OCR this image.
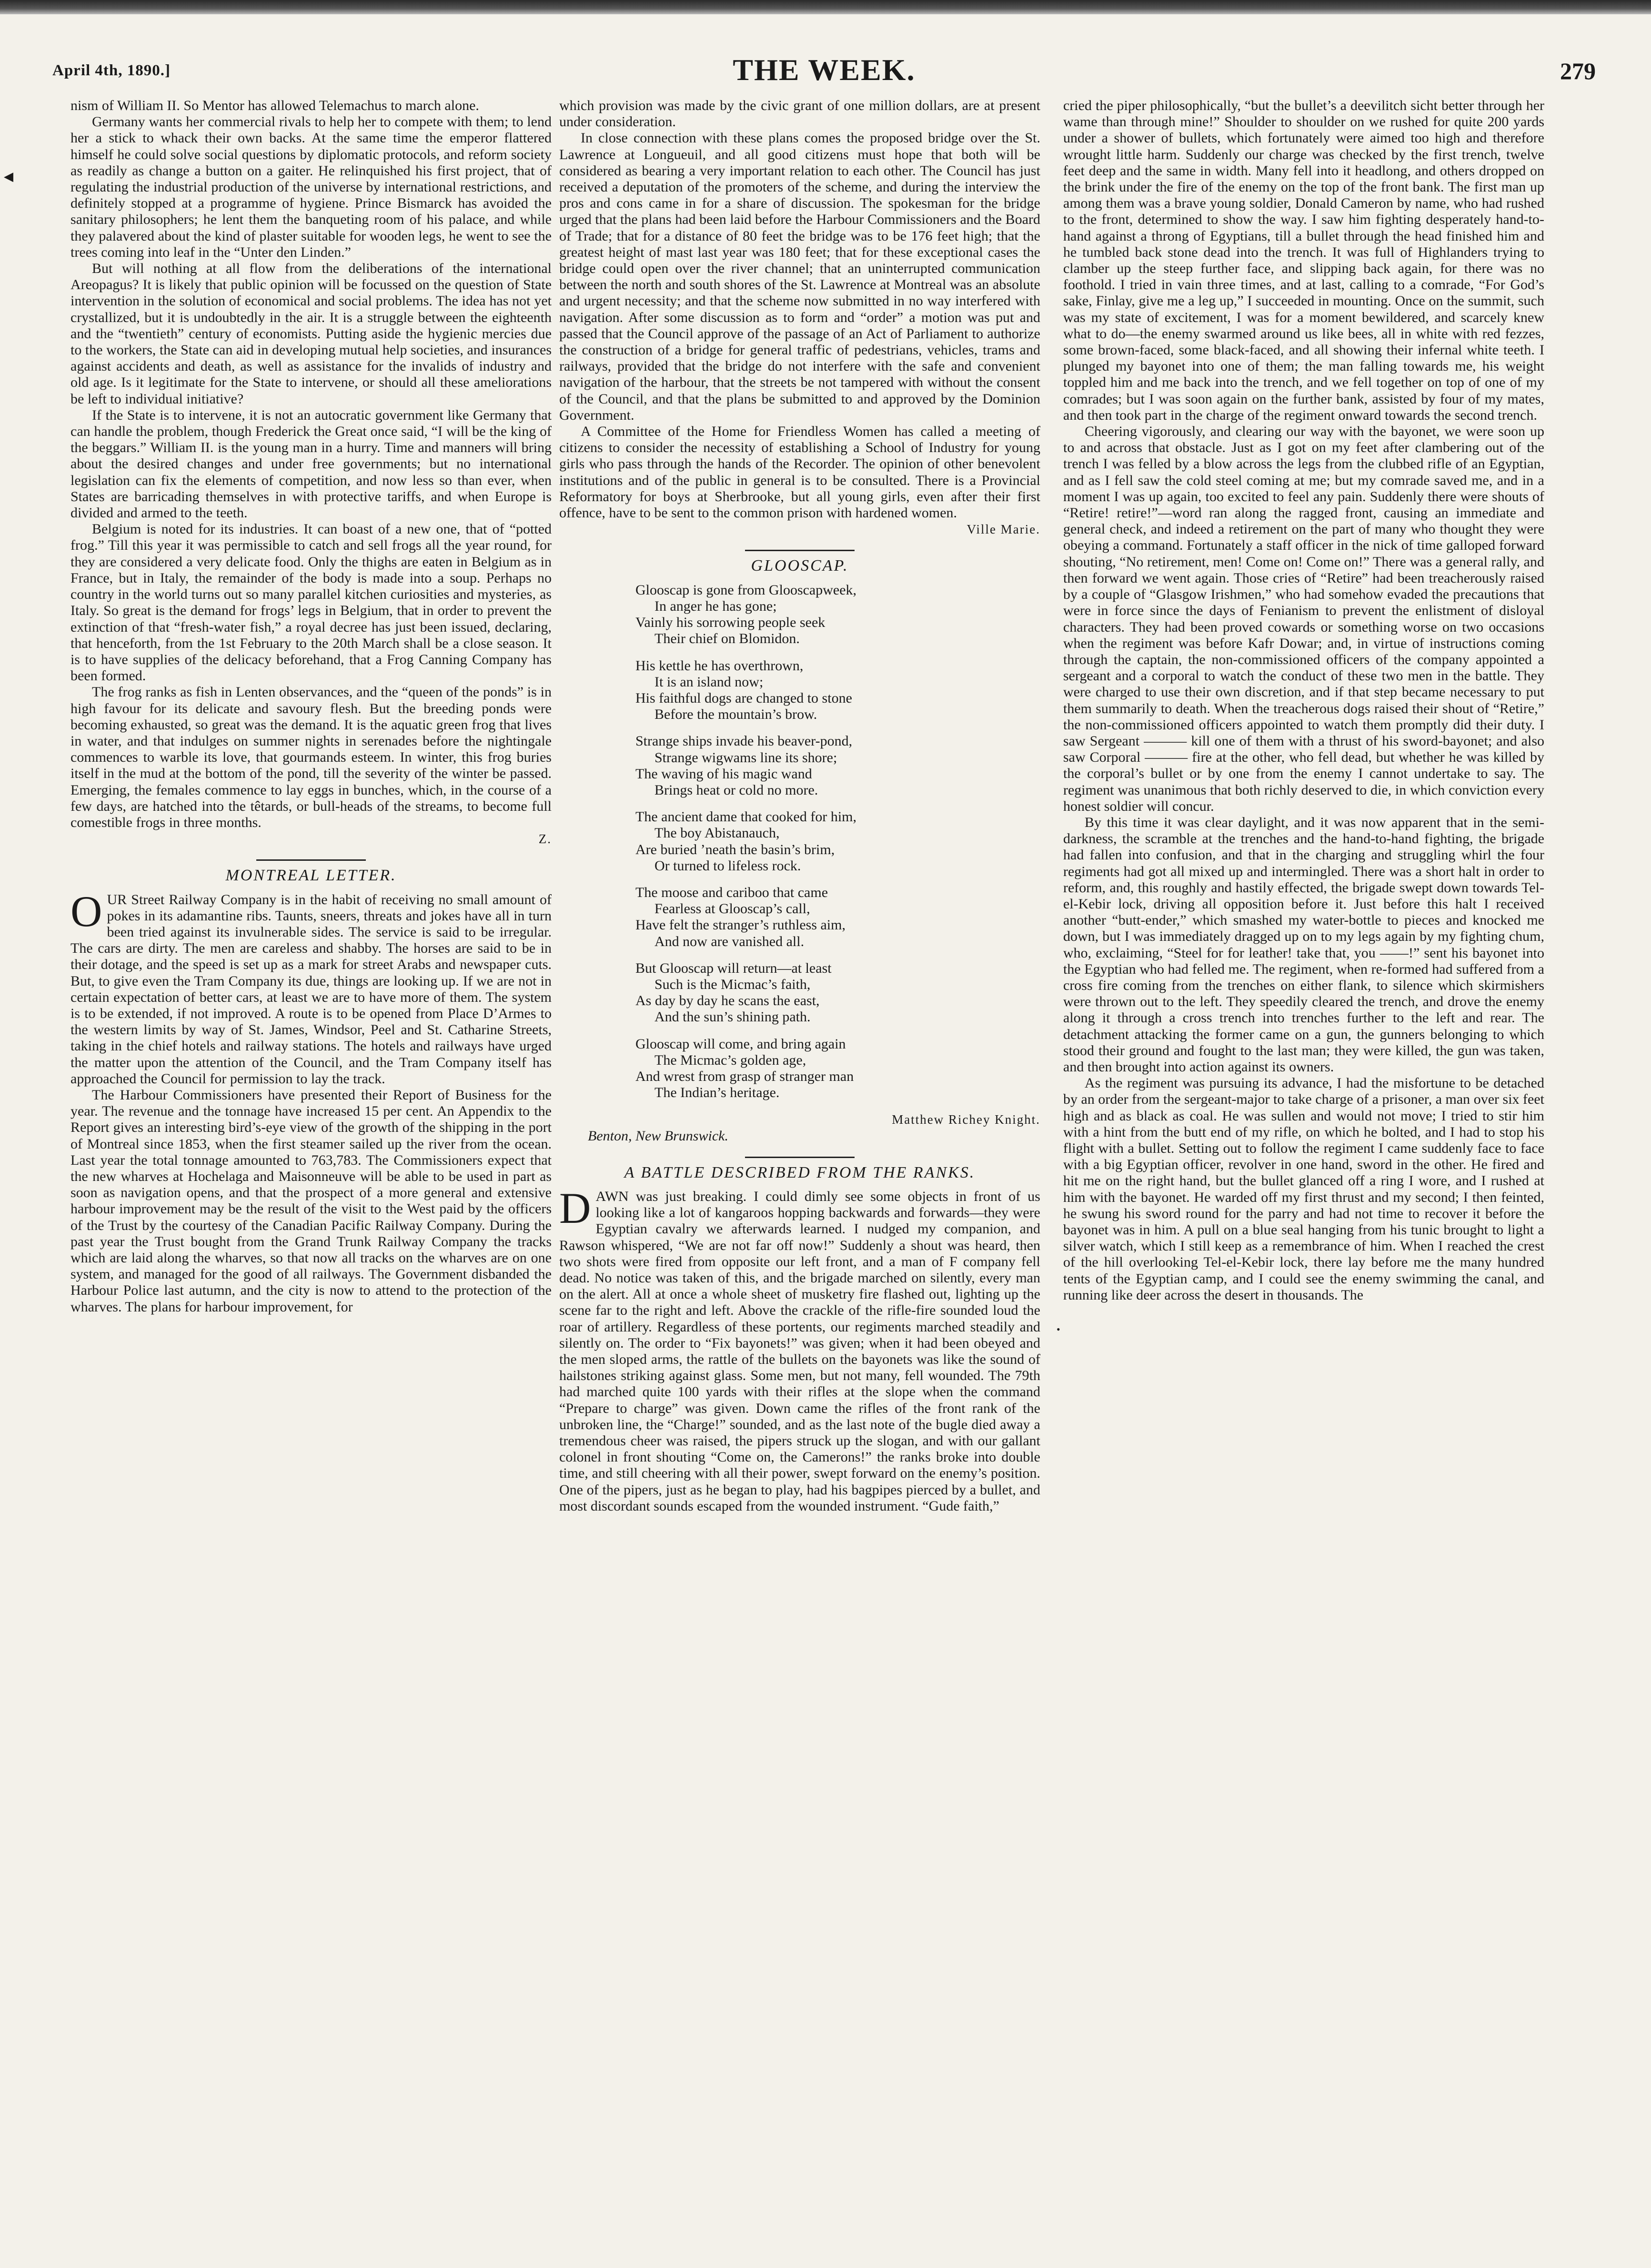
April 4th, 1890.]	THE WEEK.	279
◀

nism of William II. So Mentor has allowed Telemachus to march alone.

Germany wants her commercial rivals to help her to compete with them; to lend her a stick to whack their own backs. At the same time the emperor flattered himself he could solve social questions by diplomatic protocols, and reform society as readily as change a button on a gaiter. He relinquished his first project, that of regulating the industrial production of the universe by international restrictions, and definitely stopped at a programme of hygiene. Prince Bismarck has avoided the sanitary philosophers; he lent them the banqueting room of his palace, and while they palavered about the kind of plaster suitable for wooden legs, he went to see the trees coming into leaf in the “Unter den Linden.”

But will nothing at all flow from the deliberations of the international Areopagus? It is likely that public opinion will be focussed on the question of State intervention in the solution of economical and social problems. The idea has not yet crystallized, but it is undoubtedly in the air. It is a struggle between the eighteenth and the “twentieth” century of economists. Putting aside the hygienic mercies due to the workers, the State can aid in developing mutual help societies, and insurances against accidents and death, as well as assistance for the invalids of industry and old age. Is it legitimate for the State to intervene, or should all these ameliorations be left to individual initiative?

If the State is to intervene, it is not an autocratic government like Germany that can handle the problem, though Frederick the Great once said, “I will be the king of the beggars.” William II. is the young man in a hurry. Time and manners will bring about the desired changes and under free governments; but no international legislation can fix the elements of competition, and now less so than ever, when States are barricading themselves in with protective tariffs, and when Europe is divided and armed to the teeth.

Belgium is noted for its industries. It can boast of a new one, that of “potted frog.” Till this year it was permissible to catch and sell frogs all the year round, for they are considered a very delicate food. Only the thighs are eaten in Belgium as in France, but in Italy, the remainder of the body is made into a soup. Perhaps no country in the world turns out so many parallel kitchen curiosities and mysteries, as Italy. So great is the demand for frogs’ legs in Belgium, that in order to prevent the extinction of that “fresh-water fish,” a royal decree has just been issued, declaring, that henceforth, from the 1st February to the 20th March shall be a close season. It is to have supplies of the delicacy beforehand, that a Frog Canning Company has been formed.

The frog ranks as fish in Lenten observances, and the “queen of the ponds” is in high favour for its delicate and savoury flesh. But the breeding ponds were becoming exhausted, so great was the demand. It is the aquatic green frog that lives in water, and that indulges on summer nights in serenades before the nightingale commences to warble its love, that gourmands esteem. In winter, this frog buries itself in the mud at the bottom of the pond, till the severity of the winter be passed. Emerging, the females commence to lay eggs in bunches, which, in the course of a few days, are hatched into the têtards, or bull-heads of the streams, to become full comestible frogs in three months.

Z.
MONTREAL LETTER.

OUR Street Railway Company is in the habit of receiving no small amount of pokes in its adamantine ribs. Taunts, sneers, threats and jokes have all in turn been tried against its invulnerable sides. The service is said to be irregular. The cars are dirty. The men are careless and shabby. The horses are said to be in their dotage, and the speed is set up as a mark for street Arabs and newspaper cuts. But, to give even the Tram Company its due, things are looking up. If we are not in certain expectation of better cars, at least we are to have more of them. The system is to be extended, if not improved. A route is to be opened from Place D’Armes to the western limits by way of St. James, Windsor, Peel and St. Catharine Streets, taking in the chief hotels and railway stations. The hotels and railways have urged the matter upon the attention of the Council, and the Tram Company itself has approached the Council for permission to lay the track.

The Harbour Commissioners have presented their Report of Business for the year. The revenue and the tonnage have increased 15 per cent. An Appendix to the Report gives an interesting bird’s-eye view of the growth of the shipping in the port of Montreal since 1853, when the first steamer sailed up the river from the ocean. Last year the total tonnage amounted to 763,783. The Commissioners expect that the new wharves at Hochelaga and Maisonneuve will be able to be used in part as soon as navigation opens, and that the prospect of a more general and extensive harbour improvement may be the result of the visit to the West paid by the officers of the Trust by the courtesy of the Canadian Pacific Railway Company. During the past year the Trust bought from the Grand Trunk Railway Company the tracks which are laid along the wharves, so that now all tracks on the wharves are on one system, and managed for the good of all railways. The Government disbanded the Harbour Police last autumn, and the city is now to attend to the protection of the wharves. The plans for harbour improvement, for

which provision was made by the civic grant of one million dollars, are at present under consideration.

In close connection with these plans comes the proposed bridge over the St. Lawrence at Longueuil, and all good citizens must hope that both will be considered as bearing a very important relation to each other. The Council has just received a deputation of the promoters of the scheme, and during the interview the pros and cons came in for a share of discussion. The spokesman for the bridge urged that the plans had been laid before the Harbour Commissioners and the Board of Trade; that for a distance of 80 feet the bridge was to be 176 feet high; that the greatest height of mast last year was 180 feet; that for these exceptional cases the bridge could open over the river channel; that an uninterrupted communication between the north and south shores of the St. Lawrence at Montreal was an absolute and urgent necessity; and that the scheme now submitted in no way interfered with navigation. After some discussion as to form and “order” a motion was put and passed that the Council approve of the passage of an Act of Parliament to authorize the construction of a bridge for general traffic of pedestrians, vehicles, trams and railways, provided that the bridge do not interfere with the safe and convenient navigation of the harbour, that the streets be not tampered with without the consent of the Council, and that the plans be submitted to and approved by the Dominion Government.

A Committee of the Home for Friendless Women has called a meeting of citizens to consider the necessity of establishing a School of Industry for young girls who pass through the hands of the Recorder. The opinion of other benevolent institutions and of the public in general is to be consulted. There is a Provincial Reformatory for boys at Sherbrooke, but all young girls, even after their first offence, have to be sent to the common prison with hardened women.

Ville Marie.
GLOOSCAP.
Glooscap is gone from Glooscapweek,
In anger he has gone;
Vainly his sorrowing people seek
Their chief on Blomidon.
His kettle he has overthrown,
It is an island now;
His faithful dogs are changed to stone
Before the mountain’s brow.
Strange ships invade his beaver-pond,
Strange wigwams line its shore;
The waving of his magic wand
Brings heat or cold no more.
The ancient dame that cooked for him,
The boy Abistanauch,
Are buried ’neath the basin’s brim,
Or turned to lifeless rock.
The moose and cariboo that came
Fearless at Glooscap’s call,
Have felt the stranger’s ruthless aim,
And now are vanished all.
But Glooscap will return—at least
Such is the Micmac’s faith,
As day by day he scans the east,
And the sun’s shining path.
Glooscap will come, and bring again
The Micmac’s golden age,
And wrest from grasp of stranger man
The Indian’s heritage.
Matthew Richey Knight.
Benton, New Brunswick.
A BATTLE DESCRIBED FROM THE RANKS.

DAWN was just breaking. I could dimly see some objects in front of us looking like a lot of kangaroos hopping backwards and forwards—they were Egyptian cavalry we afterwards learned. I nudged my companion, and Rawson whispered, “We are not far off now!” Suddenly a shout was heard, then two shots were fired from opposite our left front, and a man of F company fell dead. No notice was taken of this, and the brigade marched on silently, every man on the alert. All at once a whole sheet of musketry fire flashed out, lighting up the scene far to the right and left. Above the crackle of the rifle-fire sounded loud the roar of artillery. Regardless of these portents, our regiments marched steadily and silently on. The order to “Fix bayonets!” was given; when it had been obeyed and the men sloped arms, the rattle of the bullets on the bayonets was like the sound of hailstones striking against glass. Some men, but not many, fell wounded. The 79th had marched quite 100 yards with their rifles at the slope when the command “Prepare to charge” was given. Down came the rifles of the front rank of the unbroken line, the “Charge!” sounded, and as the last note of the bugle died away a tremendous cheer was raised, the pipers struck up the slogan, and with our gallant colonel in front shouting “Come on, the Camerons!” the ranks broke into double time, and still cheering with all their power, swept forward on the enemy’s position. One of the pipers, just as he began to play, had his bagpipes pierced by a bullet, and most discordant sounds escaped from the wounded instrument. “Gude faith,”

•

cried the piper philosophically, “but the bullet’s a deevilitch sicht better through her wame than through mine!” Shoulder to shoulder on we rushed for quite 200 yards under a shower of bullets, which fortunately were aimed too high and therefore wrought little harm. Suddenly our charge was checked by the first trench, twelve feet deep and the same in width. Many fell into it headlong, and others dropped on the brink under the fire of the enemy on the top of the front bank. The first man up among them was a brave young soldier, Donald Cameron by name, who had rushed to the front, determined to show the way. I saw him fighting desperately hand-to-hand against a throng of Egyptians, till a bullet through the head finished him and he tumbled back stone dead into the trench. It was full of Highlanders trying to clamber up the steep further face, and slipping back again, for there was no foothold. I tried in vain three times, and at last, calling to a comrade, “For God’s sake, Finlay, give me a leg up,” I succeeded in mounting. Once on the summit, such was my state of excitement, I was for a moment bewildered, and scarcely knew what to do—the enemy swarmed around us like bees, all in white with red fezzes, some brown-faced, some black-faced, and all showing their infernal white teeth. I plunged my bayonet into one of them; the man falling towards me, his weight toppled him and me back into the trench, and we fell together on top of one of my comrades; but I was soon again on the further bank, assisted by four of my mates, and then took part in the charge of the regiment onward towards the second trench.

Cheering vigorously, and clearing our way with the bayonet, we were soon up to and across that obstacle. Just as I got on my feet after clambering out of the trench I was felled by a blow across the legs from the clubbed rifle of an Egyptian, and as I fell saw the cold steel coming at me; but my comrade saved me, and in a moment I was up again, too excited to feel any pain. Suddenly there were shouts of “Retire! retire!”—word ran along the ragged front, causing an immediate and general check, and indeed a retirement on the part of many who thought they were obeying a command. Fortunately a staff officer in the nick of time galloped forward shouting, “No retirement, men! Come on! Come on!” There was a general rally, and then forward we went again. Those cries of “Retire” had been treacherously raised by a couple of “Glasgow Irishmen,” who had somehow evaded the precautions that were in force since the days of Fenianism to prevent the enlistment of disloyal characters. They had been proved cowards or something worse on two occasions when the regiment was before Kafr Dowar; and, in virtue of instructions coming through the captain, the non-commissioned officers of the company appointed a sergeant and a corporal to watch the conduct of these two men in the battle. They were charged to use their own discretion, and if that step became necessary to put them summarily to death. When the treacherous dogs raised their shout of “Retire,” the non-commissioned officers appointed to watch them promptly did their duty. I saw Sergeant ——— kill one of them with a thrust of his sword-bayonet; and also saw Corporal ——— fire at the other, who fell dead, but whether he was killed by the corporal’s bullet or by one from the enemy I cannot undertake to say. The regiment was unanimous that both richly deserved to die, in which conviction every honest soldier will concur.

By this time it was clear daylight, and it was now apparent that in the semi-darkness, the scramble at the trenches and the hand-to-hand fighting, the brigade had fallen into confusion, and that in the charging and struggling whirl the four regiments had got all mixed up and intermingled. There was a short halt in order to reform, and, this roughly and hastily effected, the brigade swept down towards Tel-el-Kebir lock, driving all opposition before it. Just before this halt I received another “butt-ender,” which smashed my water-bottle to pieces and knocked me down, but I was immediately dragged up on to my legs again by my fighting chum, who, exclaiming, “Steel for for leather! take that, you ——!” sent his bayonet into the Egyptian who had felled me. The regiment, when re-formed had suffered from a cross fire coming from the trenches on either flank, to silence which skirmishers were thrown out to the left. They speedily cleared the trench, and drove the enemy along it through a cross trench into trenches further to the left and rear. The detachment attacking the former came on a gun, the gunners belonging to which stood their ground and fought to the last man; they were killed, the gun was taken, and then brought into action against its owners.

As the regiment was pursuing its advance, I had the misfortune to be detached by an order from the sergeant-major to take charge of a prisoner, a man over six feet high and as black as coal. He was sullen and would not move; I tried to stir him with a hint from the butt end of my rifle, on which he bolted, and I had to stop his flight with a bullet. Setting out to follow the regiment I came suddenly face to face with a big Egyptian officer, revolver in one hand, sword in the other. He fired and hit me on the right hand, but the bullet glanced off a ring I wore, and I rushed at him with the bayonet. He warded off my first thrust and my second; I then feinted, he swung his sword round for the parry and had not time to recover it before the bayonet was in him. A pull on a blue seal hanging from his tunic brought to light a silver watch, which I still keep as a remembrance of him. When I reached the crest of the hill overlooking Tel-el-Kebir lock, there lay before me the many hundred tents of the Egyptian camp, and I could see the enemy swimming the canal, and running like deer across the desert in thousands. The
